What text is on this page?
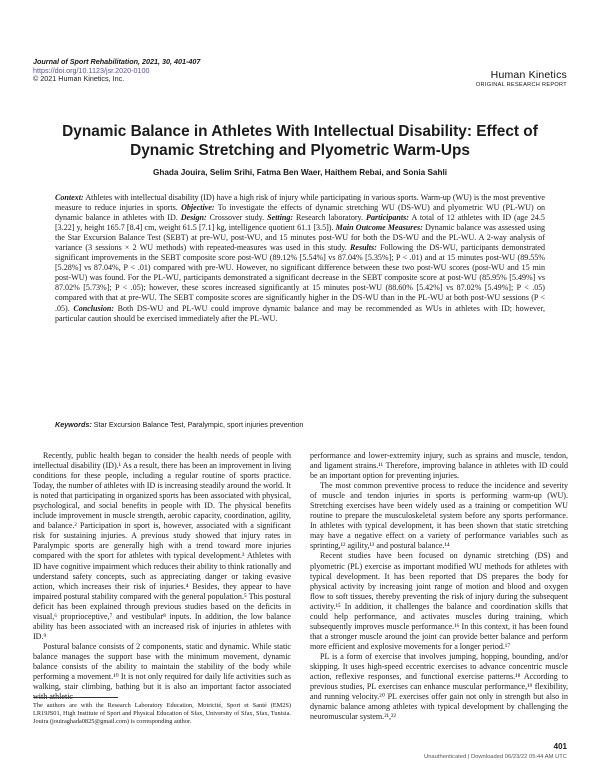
Journal of Sport Rehabilitation, 2021, 30, 401-407
https://doi.org/10.1123/jsr.2020-0100
© 2021 Human Kinetics, Inc.	Human Kinetics
ORIGINAL RESEARCH REPORT
Dynamic Balance in Athletes With Intellectual Disability: Effect of Dynamic Stretching and Plyometric Warm-Ups
Ghada Jouira, Selim Srihi, Fatma Ben Waer, Haithem Rebai, and Sonia Sahli

Context: Athletes with intellectual disability (ID) have a high risk of injury while participating in various sports. Warm-up (WU) is the most preventive measure to reduce injuries in sports. Objective: To investigate the effects of dynamic stretching WU (DS-WU) and plyometric WU (PL-WU) on dynamic balance in athletes with ID. Design: Crossover study. Setting: Research laboratory. Participants: A total of 12 athletes with ID (age 24.5 [3.22] y, height 165.7 [8.4] cm, weight 61.5 [7.1] kg, intelligence quotient 61.1 [3.5]). Main Outcome Measures: Dynamic balance was assessed using the Star Excursion Balance Test (SEBT) at pre-WU, post-WU, and 15 minutes post-WU for both the DS-WU and the PL-WU. A 2-way analysis of variance (3 sessions × 2 WU methods) with repeated-measures was used in this study. Results: Following the DS-WU, participants demonstrated significant improvements in the SEBT composite score post-WU (89.12% [5.54%] vs 87.04% [5.35%]; P < .01) and at 15 minutes post-WU (89.55% [5.28%] vs 87.04%, P < .01) compared with pre-WU. However, no significant difference between these two post-WU scores (post-WU and 15 min post-WU) was found. For the PL-WU, participants demonstrated a significant decrease in the SEBT composite score at post-WU (85.95% [5.49%] vs 87.02% [5.73%]; P < .05); however, these scores increased significantly at 15 minutes post-WU (88.60% [5.42%] vs 87.02% [5.49%]; P < .05) compared with that at pre-WU. The SEBT composite scores are significantly higher in the DS-WU than in the PL-WU at both post-WU sessions (P < .05). Conclusion: Both DS-WU and PL-WU could improve dynamic balance and may be recommended as WUs in athletes with ID; however, particular caution should be exercised immediately after the PL-WU.

Keywords: Star Excursion Balance Test, Paralympic, sport injuries prevention

Recently, public health began to consider the health needs of people with intellectual disability (ID).¹ As a result, there has been an improvement in living conditions for these people, including a regular routine of sports practice. Today, the number of athletes with ID is increasing steadily around the world. It is noted that participating in organized sports has been associated with physical, psychological, and social benefits in people with ID. The physical benefits include improvement in muscle strength, aerobic capacity, coordination, agility, and balance.² Participation in sport is, however, associated with a significant risk for sustaining injuries. A previous study showed that injury rates in Paralympic sports are generally high with a trend toward more injuries compared with the sport for athletes with typical development.³ Athletes with ID have cognitive impairment which reduces their ability to think rationally and understand safety concepts, such as appreciating danger or taking evasive action, which increases their risk of injuries.⁴ Besides, they appear to have impaired postural stability compared with the general population.⁵ This postural deficit has been explained through previous studies based on the deficits in visual,⁶ proprioceptive,⁷ and vestibular⁸ inputs. In addition, the low balance ability has been associated with an increased risk of injuries in athletes with ID.⁹

Postural balance consists of 2 components, static and dynamic. While static balance manages the support base with the minimum movement, dynamic balance consists of the ability to maintain the stability of the body while performing a movement.¹⁰ It is not only required for daily life activities such as walking, stair climbing, bathing but it is also an important factor associated with athletic

performance and lower-extremity injury, such as sprains and muscle, tendon, and ligament strains.¹¹ Therefore, improving balance in athletes with ID could be an important option for preventing injuries.

The most common preventive process to reduce the incidence and severity of muscle and tendon injuries in sports is performing warm-up (WU). Stretching exercises have been widely used as a training or competition WU routine to prepare the musculoskeletal system before any sports performance. In athletes with typical development, it has been shown that static stretching may have a negative effect on a variety of performance variables such as sprinting,¹² agility,¹³ and postural balance.¹⁴

Recent studies have been focused on dynamic stretching (DS) and plyometric (PL) exercise as important modified WU methods for athletes with typical development. It has been reported that DS prepares the body for physical activity by increasing joint range of motion and blood and oxygen flow to soft tissues, thereby preventing the risk of injury during the subsequent activity.¹⁵ In addition, it challenges the balance and coordination skills that could help performance, and activates muscles during training, which subsequently improves muscle performance.¹⁶ In this context, it has been found that a stronger muscle around the joint can provide better balance and perform more efficient and explosive movements for a longer period.¹⁷

PL is a form of exercise that involves jumping, hopping, bounding, and/or skipping. It uses high-speed eccentric exercises to advance concentric muscle action, reflexive responses, and functional exercise patterns.¹⁸ According to previous studies, PL exercises can enhance muscular performance,¹⁹ flexibility, and running velocity.²⁰ PL exercises offer gain not only in strength but also in dynamic balance among athletes with typical development by challenging the neuromuscular system.²¹,²²

The authors are with the Research Laboratory Education, Motricité, Sport et Santé (EM2S) LR19JS01, High Institute of Sport and Physical Education of Sfax, University of Sfax, Sfax, Tunisia. Jouira (jouiraghada0825@gmail.com) is corresponding author.
401
Unauthenticated | Downloaded 06/23/22 05:44 AM UTC
